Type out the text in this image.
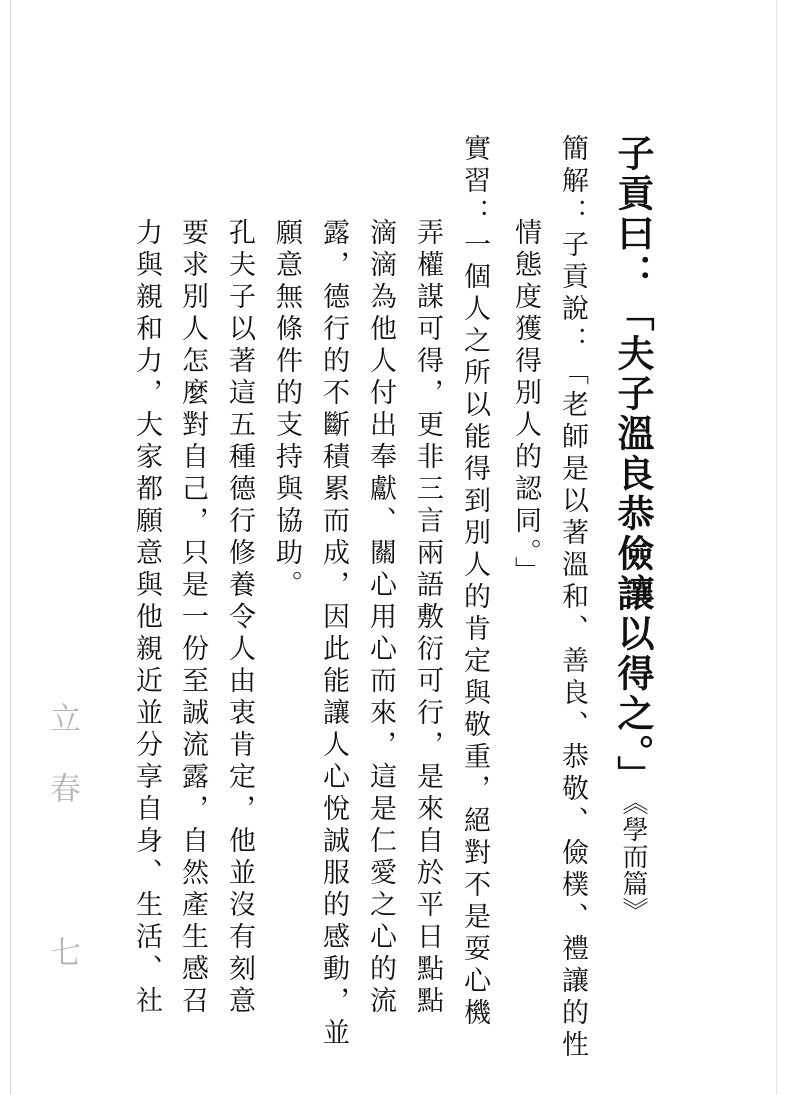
子貢曰：「夫子溫良恭儉讓以得之。」《學而篇》
簡解：子貢說：「老師是以著溫和、善良、恭敬、儉樸、禮讓的性
情態度獲得別人的認同。」
實習：一個人之所以能得到別人的肯定與敬重，絕對不是耍心機
弄權謀可得，更非三言兩語敷衍可行，是來自於平日點點
滴滴為他人付出奉獻、關心用心而來，這是仁愛之心的流
露，德行的不斷積累而成，因此能讓人心悅誠服的感動，並
願意無條件的支持與協助。
孔夫子以著這五種德行修養令人由衷肯定，他並沒有刻意
要求別人怎麼對自己，只是一份至誠流露，自然產生感召
力與親和力，大家都願意與他親近並分享自身、生活、社
立
春
七
